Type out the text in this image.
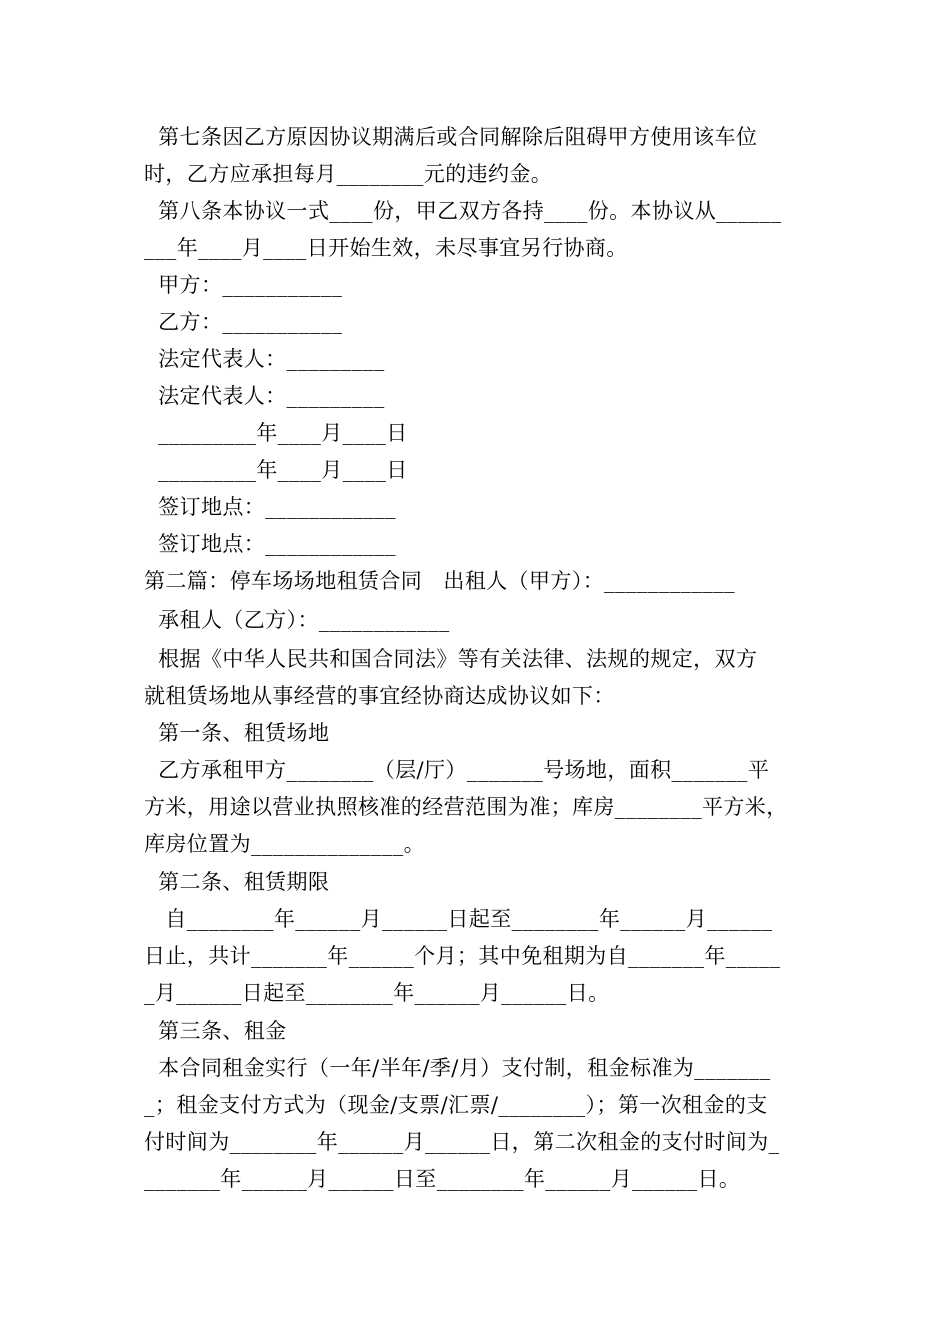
第七条因乙方原因协议期满后或合同解除后阻碍甲方使用该车位
时，乙方应承担每月________元的违约金。
第八条本协议一式____份，甲乙双方各持____份。本协议从______
___年____月____日开始生效，未尽事宜另行协商。
甲方：___________
乙方：___________
法定代表人：_________
法定代表人：_________
_________年____月____日
_________年____月____日
签订地点：____________
签订地点：____________
第二篇：停车场场地租赁合同   出租人（甲方）：____________
承租人（乙方）：____________
根据《中华人民共和国合同法》等有关法律、法规的规定，双方
就租赁场地从事经营的事宜经协商达成协议如下：
第一条、租赁场地
乙方承租甲方________（层/厅）_______号场地，面积_______平
方米，用途以营业执照核准的经营范围为准；库房________平方米，
库房位置为______________。
第二条、租赁期限
自________年______月______日起至________年______月______
日止，共计_______年______个月；其中免租期为自_______年_____
_月______日起至________年______月______日。
第三条、租金
本合同租金实行（一年/半年/季/月）支付制，租金标准为_______
_；租金支付方式为（现金/支票/汇票/________）；第一次租金的支
付时间为________年______月______日，第二次租金的支付时间为_
_______年______月______日至________年______月______日。
